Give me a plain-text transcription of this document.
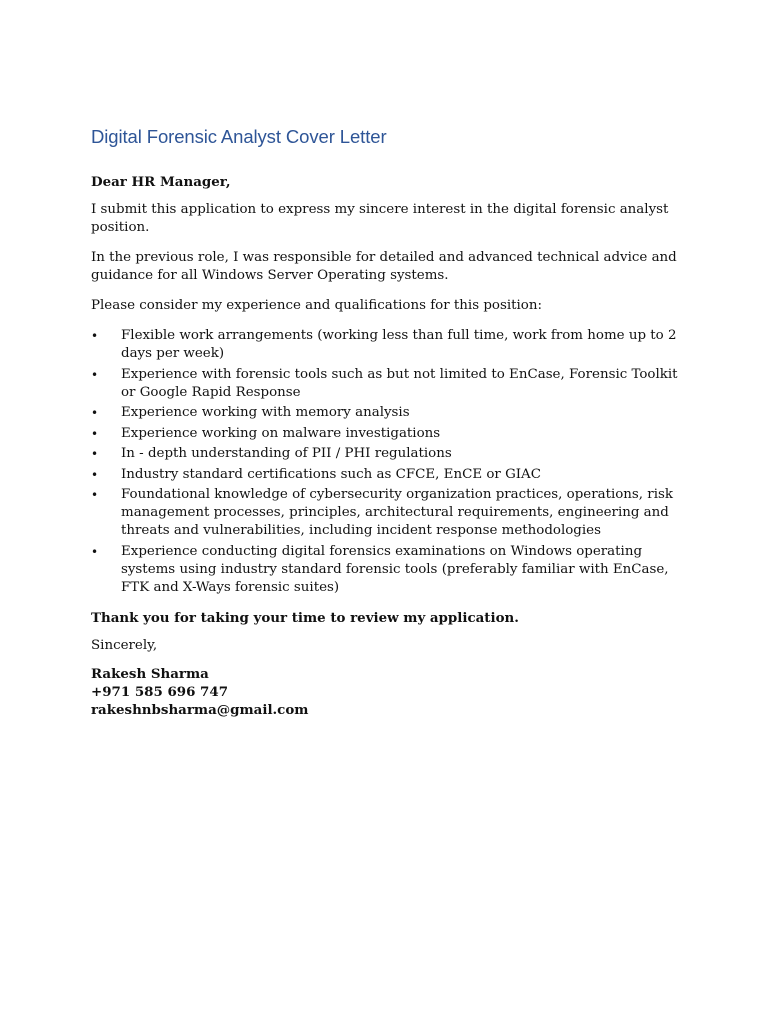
Digital Forensic Analyst Cover Letter
Dear HR Manager,

I submit this application to express my sincere interest in the digital forensic analyst position.

In the previous role, I was responsible for detailed and advanced technical advice and guidance for all Windows Server Operating systems.

Please consider my experience and qualifications for this position:

•	Flexible work arrangements (working less than full time, work from home up to 2 days per week)
•	Experience with forensic tools such as but not limited to EnCase, Forensic Toolkit or Google Rapid Response
•	Experience working with memory analysis
•	Experience working on malware investigations
•	In - depth understanding of PII / PHI regulations
•	Industry standard certifications such as CFCE, EnCE or GIAC
•	Foundational knowledge of cybersecurity organization practices, operations, risk management processes, principles, architectural requirements, engineering and threats and vulnerabilities, including incident response methodologies
•	Experience conducting digital forensics examinations on Windows operating systems using industry standard forensic tools (preferably familiar with EnCase, FTK and X-Ways forensic suites)
Thank you for taking your time to review my application.
Sincerely,
Rakesh Sharma
+971 585 696 747
rakeshnbsharma@gmail.com
